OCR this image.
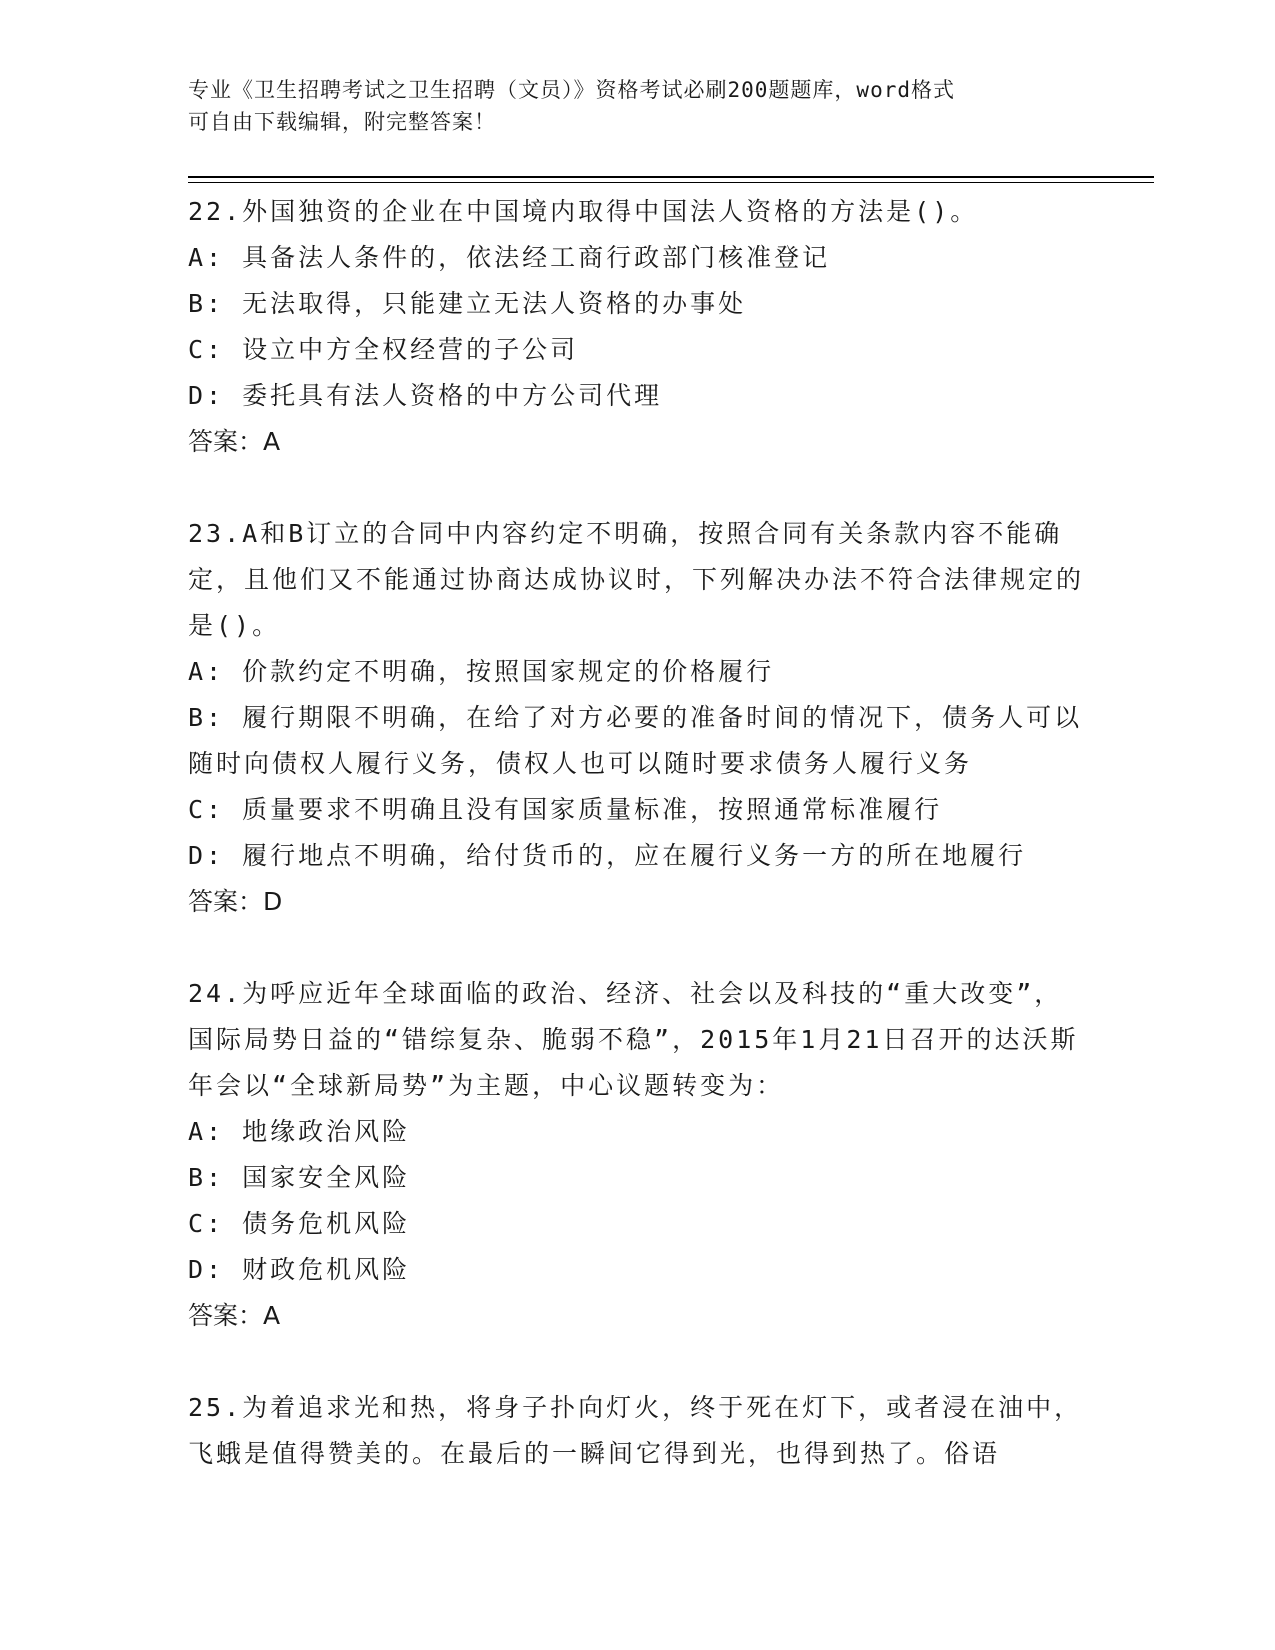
专业《卫生招聘考试之卫生招聘（文员）》资格考试必刷200题题库，word格式
可自由下载编辑，附完整答案！

22.外国独资的企业在中国境内取得中国法人资格的方法是()。

A: 具备法人条件的，依法经工商行政部门核准登记

B: 无法取得，只能建立无法人资格的办事处

C: 设立中方全权经营的子公司

D: 委托具有法人资格的中方公司代理

答案：A

23.A和B订立的合同中内容约定不明确，按照合同有关条款内容不能确定，且他们又不能通过协商达成协议时，下列解决办法不符合法律规定的是()。

A: 价款约定不明确，按照国家规定的价格履行

B: 履行期限不明确，在给了对方必要的准备时间的情况下，债务人可以随时向债权人履行义务，债权人也可以随时要求债务人履行义务

C: 质量要求不明确且没有国家质量标准，按照通常标准履行

D: 履行地点不明确，给付货币的，应在履行义务一方的所在地履行

答案：D

24.为呼应近年全球面临的政治、经济、社会以及科技的“重大改变”，国际局势日益的“错综复杂、脆弱不稳”，2015年1月21日召开的达沃斯年会以“全球新局势”为主题，中心议题转变为：

A: 地缘政治风险

B: 国家安全风险

C: 债务危机风险

D: 财政危机风险

答案：A

25.为着追求光和热，将身子扑向灯火，终于死在灯下，或者浸在油中，飞蛾是值得赞美的。在最后的一瞬间它得到光，也得到热了。俗语
